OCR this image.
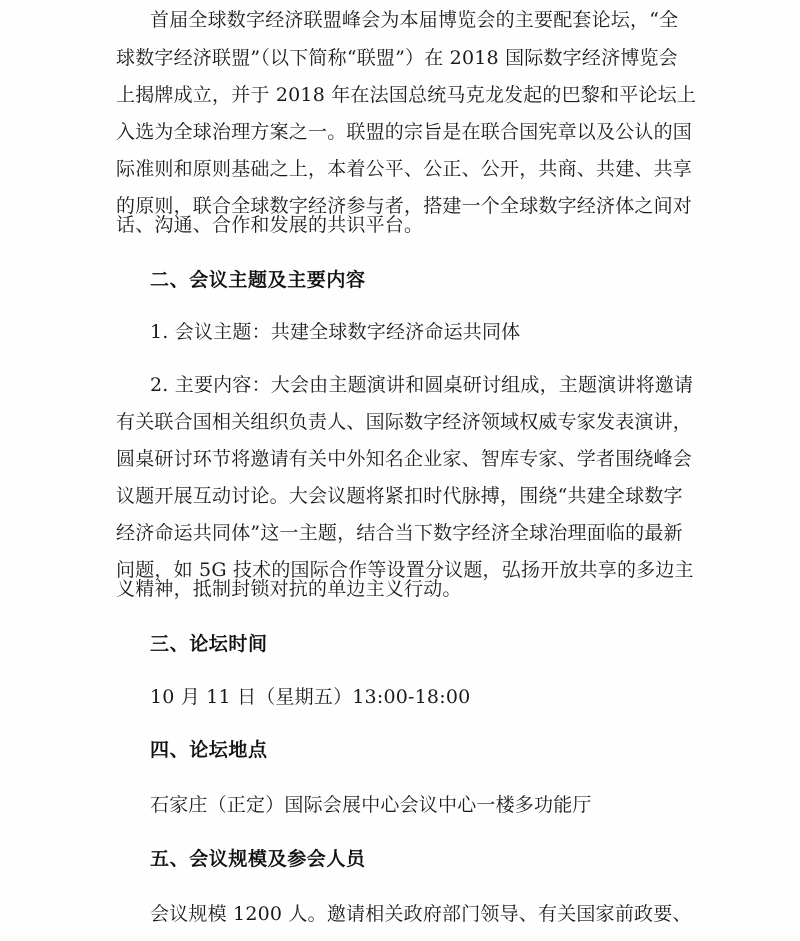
首届全球数字经济联盟峰会为本届博览会的主要配套论坛，“全
球数字经济联盟”（以下简称“联盟”）在 2018 国际数字经济博览会
上揭牌成立，并于 2018 年在法国总统马克龙发起的巴黎和平论坛上
入选为全球治理方案之一。联盟的宗旨是在联合国宪章以及公认的国
际准则和原则基础之上，本着公平、公正、公开，共商、共建、共享
的原则，联合全球数字经济参与者，搭建一个全球数字经济体之间对
话、沟通、合作和发展的共识平台。
二、会议主题及主要内容
1. 会议主题：共建全球数字经济命运共同体
2. 主要内容：大会由主题演讲和圆桌研讨组成，主题演讲将邀请
有关联合国相关组织负责人、国际数字经济领域权威专家发表演讲，
圆桌研讨环节将邀请有关中外知名企业家、智库专家、学者围绕峰会
议题开展互动讨论。大会议题将紧扣时代脉搏，围绕“共建全球数字
经济命运共同体”这一主题，结合当下数字经济全球治理面临的最新
问题，如 5G 技术的国际合作等设置分议题，弘扬开放共享的多边主
义精神，抵制封锁对抗的单边主义行动。
三、论坛时间
10 月 11 日（星期五）13:00-18:00
四、论坛地点
石家庄（正定）国际会展中心会议中心一楼多功能厅
五、会议规模及参会人员
会议规模 1200 人。邀请相关政府部门领导、有关国家前政要、
